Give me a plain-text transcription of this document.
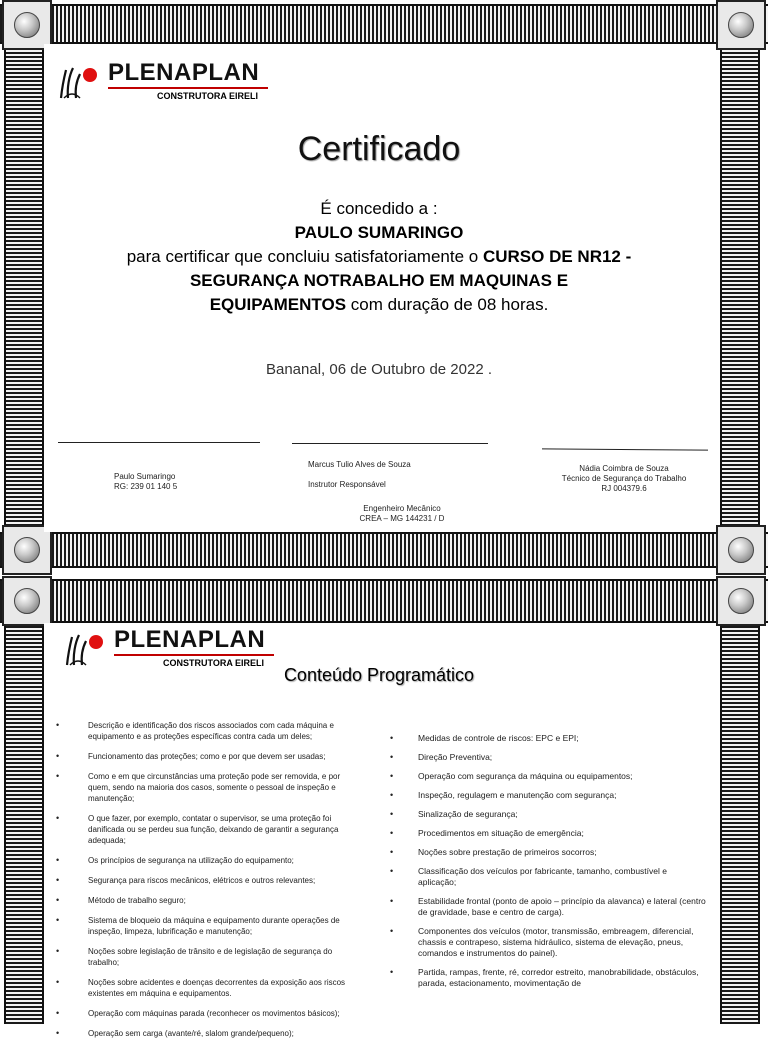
PLENAPLAN
CONSTRUTORA EIRELI
Certificado
É concedido a :
PAULO SUMARINGO
para certificar que concluiu satisfatoriamente o CURSO DE NR12 -
SEGURANÇA NOTRABALHO EM MAQUINAS E
EQUIPAMENTOS com duração de 08 horas.
Bananal, 06 de Outubro de 2022 .
Paulo Sumaringo
RG: 239 01 140 5
Marcus Tulio Alves de Souza
Instrutor Responsável
Engenheiro Mecânico
CREA – MG 144231 / D
Nádia Coimbra de Souza
Técnico de Segurança do Trabalho
RJ 004379.6
PLENAPLAN
CONSTRUTORA EIRELI
Conteúdo Programático
• Descrição e identificação dos riscos associados com cada máquina e equipamento e as proteções específicas contra cada um deles;
• Funcionamento das proteções; como e por que devem ser usadas;
• Como e em que circunstâncias uma proteção pode ser removida, e por quem, sendo na maioria dos casos, somente o pessoal de inspeção e manutenção;
• O que fazer, por exemplo, contatar o supervisor, se uma proteção foi danificada ou se perdeu sua função, deixando de garantir a segurança adequada;
• Os princípios de segurança na utilização do equipamento;
• Segurança para riscos mecânicos, elétricos e outros relevantes;
• Método de trabalho seguro;
• Sistema de bloqueio da máquina e equipamento durante operações de inspeção, limpeza, lubrificação e manutenção;
• Noções sobre legislação de trânsito e de legislação de segurança do trabalho;
• Noções sobre acidentes e doenças decorrentes da exposição aos riscos existentes em máquina e equipamentos.
• Operação com máquinas parada (reconhecer os movimentos básicos);
• Operação sem carga (avante/ré, slalom grande/pequeno);
• Medidas de controle de riscos: EPC e EPI;
• Direção Preventiva;
• Operação com segurança da máquina ou equipamentos;
• Inspeção, regulagem e manutenção com segurança;
• Sinalização de segurança;
• Procedimentos em situação de emergência;
• Noções sobre prestação de primeiros socorros;
• Classificação dos veículos por fabricante, tamanho, combustível e aplicação;
• Estabilidade frontal (ponto de apoio – princípio da alavanca) e lateral (centro de gravidade, base e centro de carga).
• Componentes dos veículos (motor, transmissão, embreagem, diferencial, chassis e contrapeso, sistema hidráulico, sistema de elevação, pneus, comandos e instrumentos do painel).
• Partida, rampas, frente, ré, corredor estreito, manobrabilidade, obstáculos, parada, estacionamento, movimentação de
